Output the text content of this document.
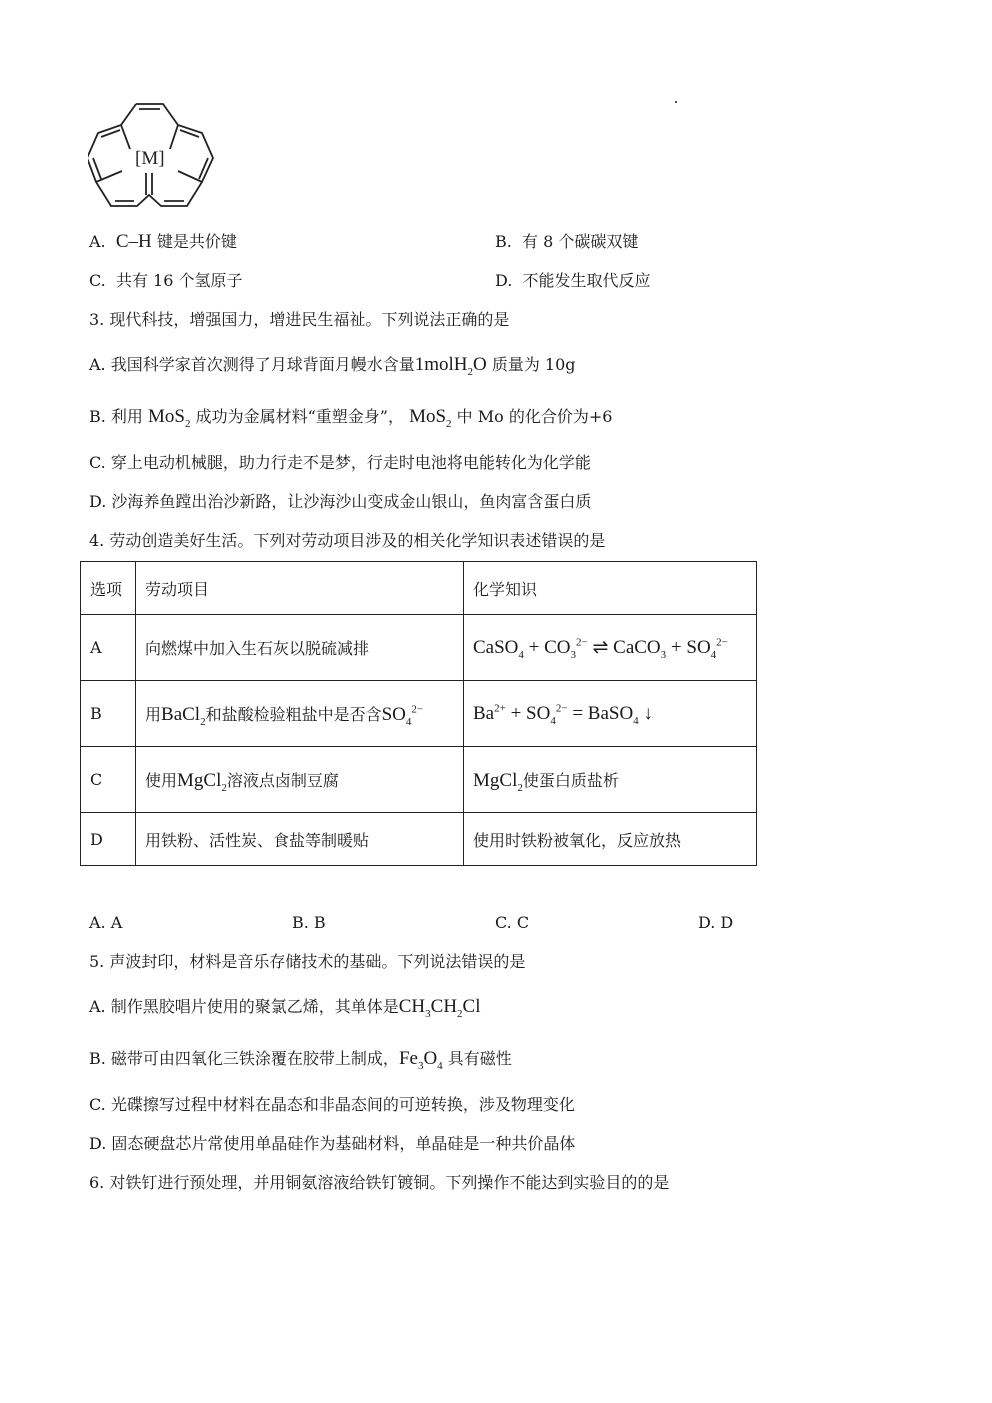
[M]
A. C–H 键是共价键	B. 有 8 个碳碳双键
C. 共有 16 个氢原子	D. 不能发生取代反应
3. 现代科技，增强国力，增进民生福祉。下列说法正确的是
A. 我国科学家首次测得了月球背面月幔水含量1molH$_2$O 质量为 10g
B. 利用 MoS$_2$ 成功为金属材料“重塑金身”， MoS$_2$ 中 Mo 的化合价为+6
C. 穿上电动机械腿，助力行走不是梦，行走时电池将电能转化为化学能
D. 沙海养鱼蹚出治沙新路，让沙海沙山变成金山银山，鱼肉富含蛋白质
4. 劳动创造美好生活。下列对劳动项目涉及的相关化学知识表述错误的是
选项	劳动项目	化学知识
A	向燃煤中加入生石灰以脱硫减排	CaSO$_4$ + $CO_3^{2-}$ ⇌ CaCO$_3$ + $SO_4^{2-}$
B	用BaCl$_2$和盐酸检验粗盐中是否含$SO_4^{2-}$	$Ba^{2+} + SO_4^{2-}$ = BaSO$_4$ ↓
C	使用MgCl$_2$溶液点卤制豆腐	MgCl$_2$使蛋白质盐析
D	用铁粉、活性炭、食盐等制暖贴	使用时铁粉被氧化，反应放热
A. A	B. B	C. C	D. D
5. 声波封印，材料是音乐存储技术的基础。下列说法错误的是
A. 制作黑胶唱片使用的聚氯乙烯，其单体是$CH_3CH_2Cl$
B. 磁带可由四氧化三铁涂覆在胶带上制成，$Fe_3O_4$ 具有磁性
C. 光碟擦写过程中材料在晶态和非晶态间的可逆转换，涉及物理变化
D. 固态硬盘芯片常使用单晶硅作为基础材料，单晶硅是一种共价晶体
6. 对铁钉进行预处理，并用铜氨溶液给铁钉镀铜。下列操作不能达到实验目的的是
